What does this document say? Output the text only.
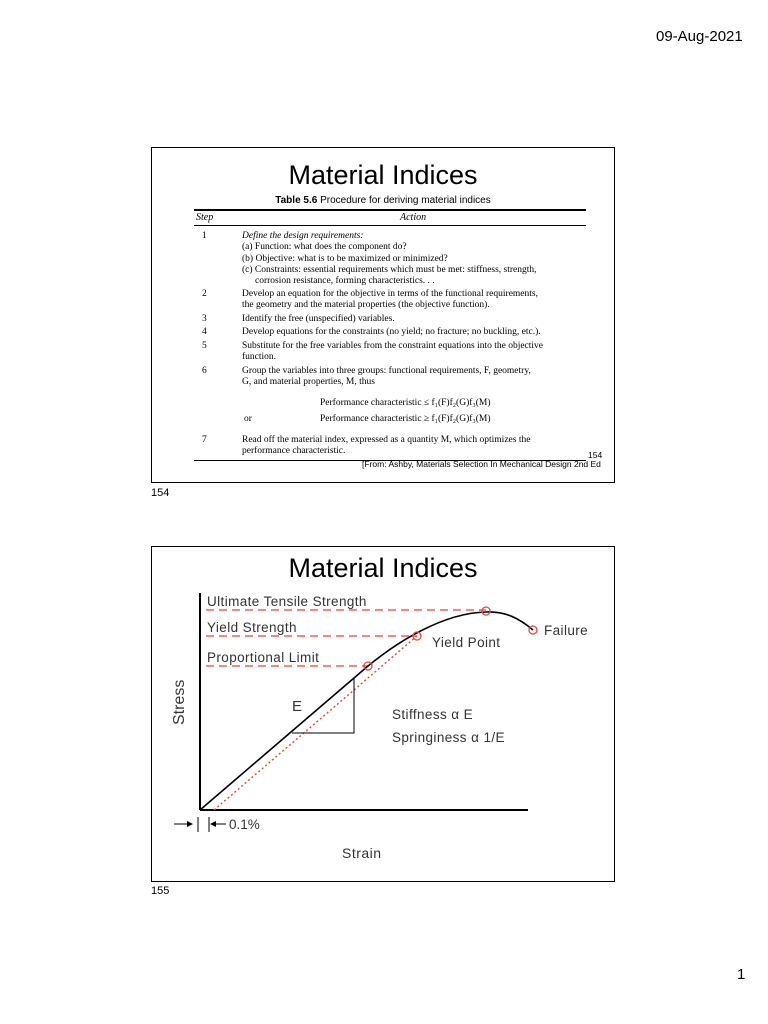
09-Aug-2021
Material Indices
Table 5.6 Procedure for deriving material indices
Step	Action
1	Define the design requirements:
(a) Function: what does the component do?
(b) Objective: what is to be maximized or minimized?
(c) Constraints: essential requirements which must be met: stiffness, strength,
corrosion resistance, forming characteristics. . .
2	Develop an equation for the objective in terms of the functional requirements,
the geometry and the material properties (the objective function).
3	Identify the free (unspecified) variables.
4	Develop equations for the constraints (no yield; no fracture; no buckling, etc.).
5	Substitute for the free variables from the constraint equations into the objective
function.
6	Group the variables into three groups: functional requirements, F, geometry,
G, and material properties, M, thus
Performance characteristic ≤ f₁(F)f₂(G)f₃(M)
or	Performance characteristic ≥ f₁(F)f₂(G)f₃(M)
7	Read off the material index, expressed as a quantity M, which optimizes the
performance characteristic.	154
[From: Ashby, Materials Selection In Mechanical Design 2nd Ed
154
Material Indices
Ultimate Tensile Strength
Yield Strength
Proportional Limit
Yield Point
Failure
E	Stiffness α E
Springiness α 1/E
Strain
Stress
0.1%
155
1
